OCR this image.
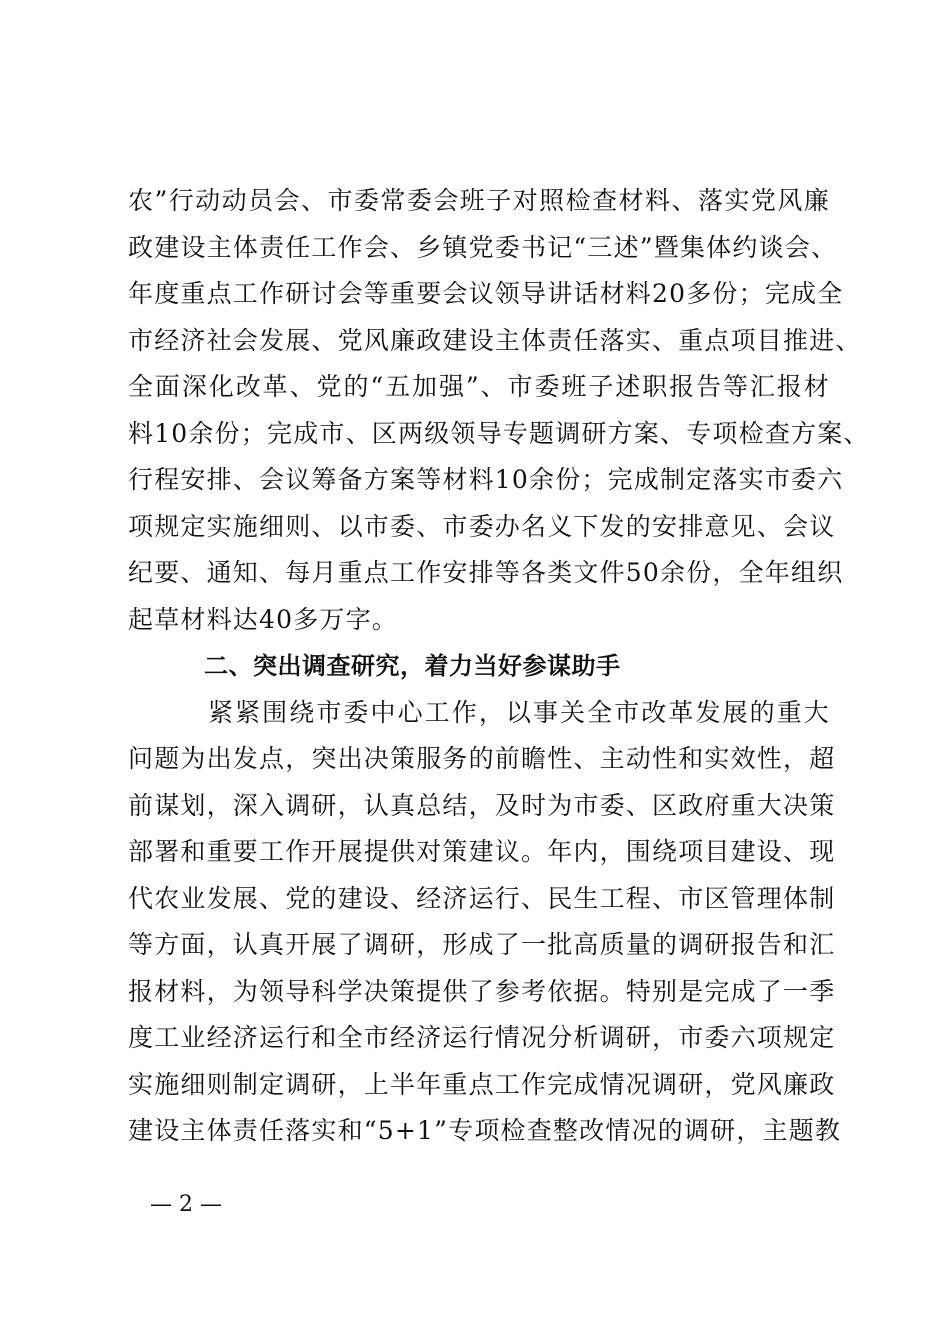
农”行动动员会、市委常委会班子对照检查材料、落实党风廉
政建设主体责任工作会、乡镇党委书记“三述”暨集体约谈会、
年度重点工作研讨会等重要会议领导讲话材料20多份；完成全
市经济社会发展、党风廉政建设主体责任落实、重点项目推进、
全面深化改革、党的“五加强”、市委班子述职报告等汇报材
料10余份；完成市、区两级领导专题调研方案、专项检查方案、
行程安排、会议筹备方案等材料10余份；完成制定落实市委六
项规定实施细则、以市委、市委办名义下发的安排意见、会议
纪要、通知、每月重点工作安排等各类文件50余份，全年组织
起草材料达40多万字。
二、突出调查研究，着力当好参谋助手
紧紧围绕市委中心工作，以事关全市改革发展的重大
问题为出发点，突出决策服务的前瞻性、主动性和实效性，超
前谋划，深入调研，认真总结，及时为市委、区政府重大决策
部署和重要工作开展提供对策建议。年内，围绕项目建设、现
代农业发展、党的建设、经济运行、民生工程、市区管理体制
等方面，认真开展了调研，形成了一批高质量的调研报告和汇
报材料，为领导科学决策提供了参考依据。特别是完成了一季
度工业经济运行和全市经济运行情况分析调研，市委六项规定
实施细则制定调研，上半年重点工作完成情况调研，党风廉政
建设主体责任落实和“5+1”专项检查整改情况的调研，主题教
— 2 —
